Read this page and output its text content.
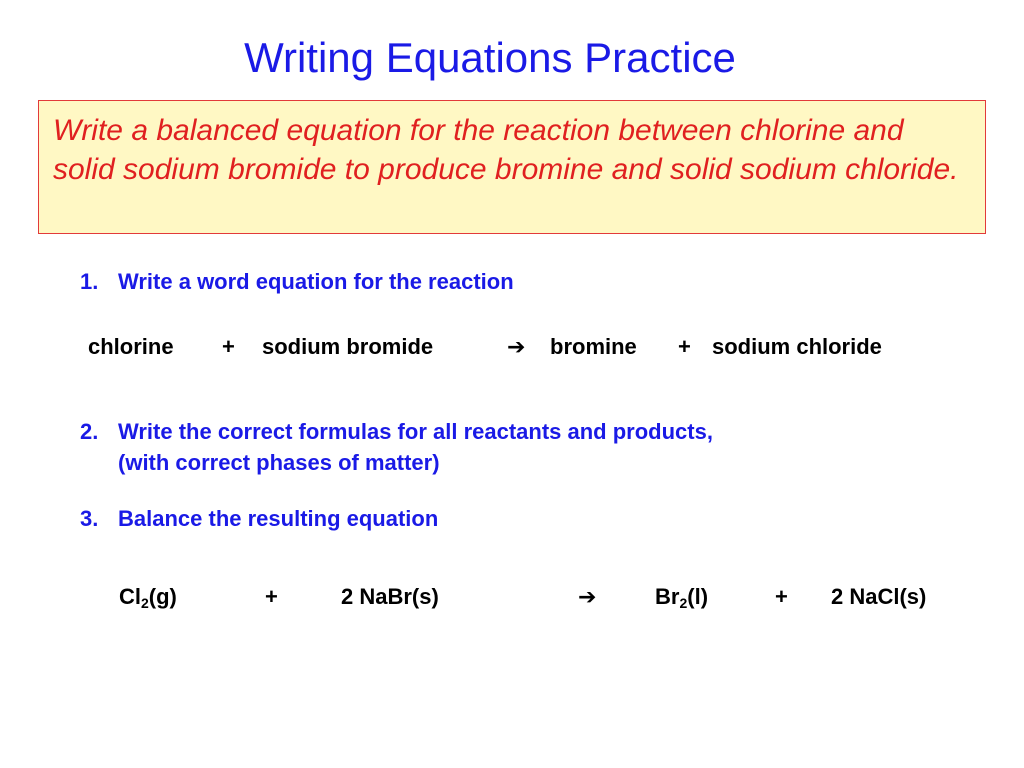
Writing Equations Practice
Write a balanced equation for the reaction between chlorine and solid sodium bromide to produce bromine and solid sodium chloride.
1. Write a word equation for the reaction
chlorine + sodium bromide	➔ bromine + sodium chloride
2. Write the correct formulas for all reactants and products,
(with correct phases of matter)
3. Balance the resulting equation
$Cl_2(g)$	+	2 NaBr(s)	➔	$Br_2(l)$	+ 2 NaCl(s)
